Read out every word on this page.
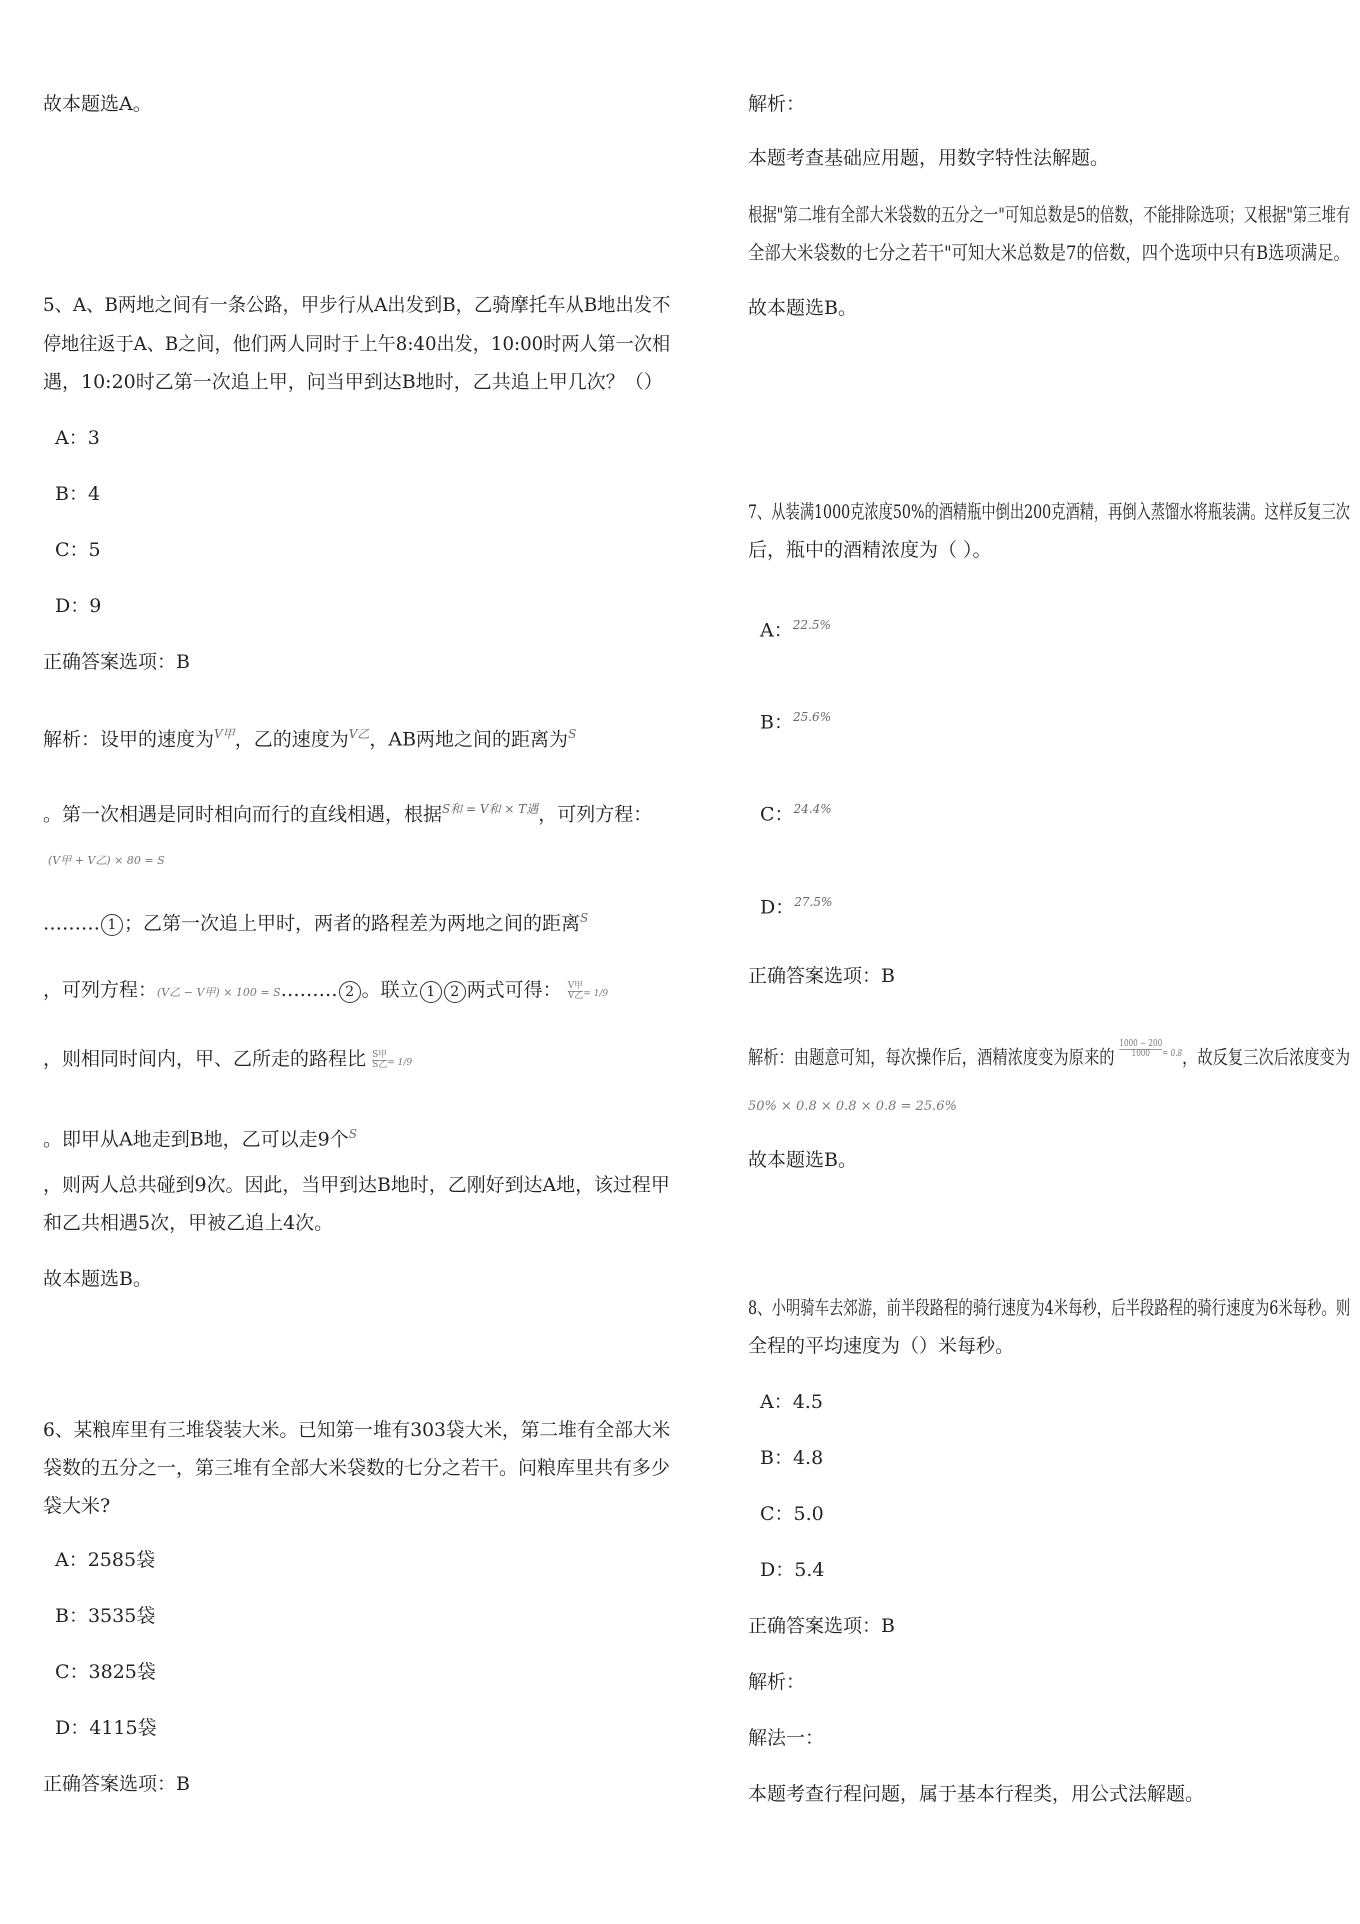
故本题选A。
5、A、B两地之间有一条公路，甲步行从A出发到B，乙骑摩托车从B地出发不
停地往返于A、B之间，他们两人同时于上午8:40出发，10:00时两人第一次相
遇，10:20时乙第一次追上甲，问当甲到达B地时，乙共追上甲几次？（）
A：3
B：4
C：5
D：9
正确答案选项：B
解析：设甲的速度为$^{V甲}$，乙的速度为$^{V乙}$，AB两地之间的距离为$^S$
。第一次相遇是同时相向而行的直线相遇，根据$^{S和 = V和 \times T遇}$，可列方程：
(V甲 + V乙) × 80 = S
……… 1 ；乙第一次追上甲时，两者的路程差为两地之间的距离$^S$
，可列方程：(V乙 − V甲) × 100 = S……… 2 。联立 1 2 两式可得： $\frac{\text{V甲}}{\text{V乙}} = 1/9$
，则相同时间内，甲、乙所走的路程比 $\frac{\text{S甲}}{\text{S乙}} = 1/9$
。即甲从A地走到B地，乙可以走9个$^S$
，则两人总共碰到9次。因此，当甲到达B地时，乙刚好到达A地，该过程甲
和乙共相遇5次，甲被乙追上4次。
故本题选B。
6、某粮库里有三堆袋装大米。已知第一堆有303袋大米，第二堆有全部大米
袋数的五分之一，第三堆有全部大米袋数的七分之若干。问粮库里共有多少
袋大米?
A：2585袋
B：3535袋
C：3825袋
D：4115袋
正确答案选项：B
解析：
本题考查基础应用题，用数字特性法解题。
根据"第二堆有全部大米袋数的五分之一"可知总数是5的倍数，不能排除选项；又根据"第三堆有
全部大米袋数的七分之若干"可知大米总数是7的倍数，四个选项中只有B选项满足。
故本题选B。
7、从装满1000克浓度50%的酒精瓶中倒出200克酒精，再倒入蒸馏水将瓶装满。这样反复三次
后，瓶中的酒精浓度为（ ）。
A：$^{22.5\%}$
B：$^{25.6\%}$
C：$^{24.4\%}$
D：$^{27.5\%}$
正确答案选项：B
解析：由题意可知，每次操作后，酒精浓度变为原来的 $\frac{1000 - 200}{1000} ^{= 0.8}$，故反复三次后浓度变为
50% × 0.8 × 0.8 × 0.8 = 25.6%
故本题选B。
8、小明骑车去郊游，前半段路程的骑行速度为4米每秒，后半段路程的骑行速度为6米每秒。则
全程的平均速度为（）米每秒。
A：4.5
B：4.8
C：5.0
D：5.4
正确答案选项：B
解析：
解法一：
本题考查行程问题，属于基本行程类，用公式法解题。
